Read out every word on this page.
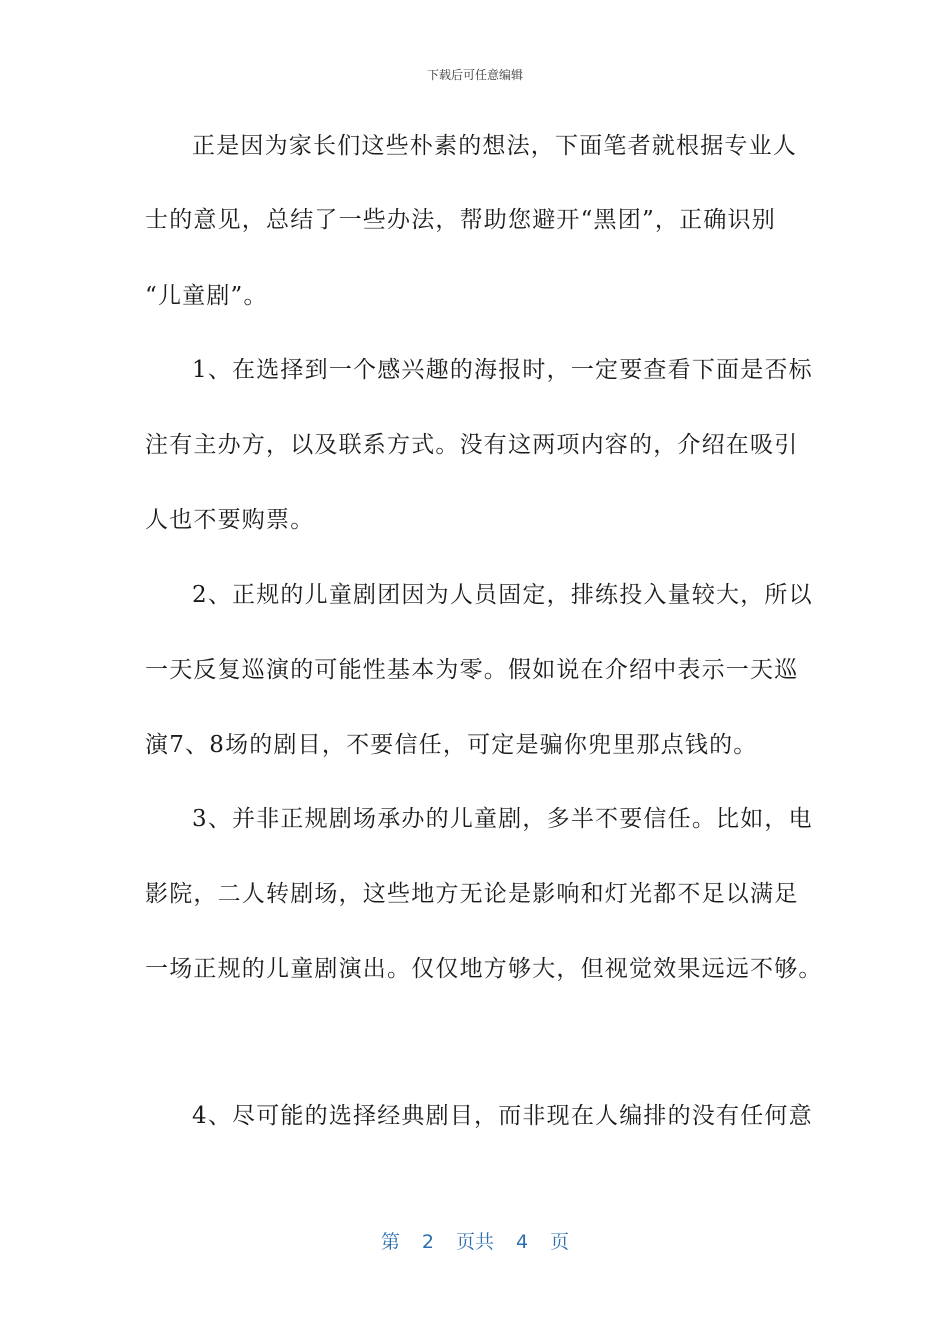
下载后可任意编辑
正是因为家长们这些朴素的想法，下面笔者就根据专业人
士的意见，总结了一些办法，帮助您避开“黑团”，正确识别
“儿童剧”。
1、在选择到一个感兴趣的海报时，一定要查看下面是否标
注有主办方，以及联系方式。没有这两项内容的，介绍在吸引
人也不要购票。
2、正规的儿童剧团因为人员固定，排练投入量较大，所以
一天反复巡演的可能性基本为零。假如说在介绍中表示一天巡
演7、8场的剧目，不要信任，可定是骗你兜里那点钱的。
3、并非正规剧场承办的儿童剧，多半不要信任。比如，电
影院，二人转剧场，这些地方无论是影响和灯光都不足以满足
一场正规的儿童剧演出。仅仅地方够大，但视觉效果远远不够。
4、尽可能的选择经典剧目，而非现在人编排的没有任何意
第 2 页共 4 页
